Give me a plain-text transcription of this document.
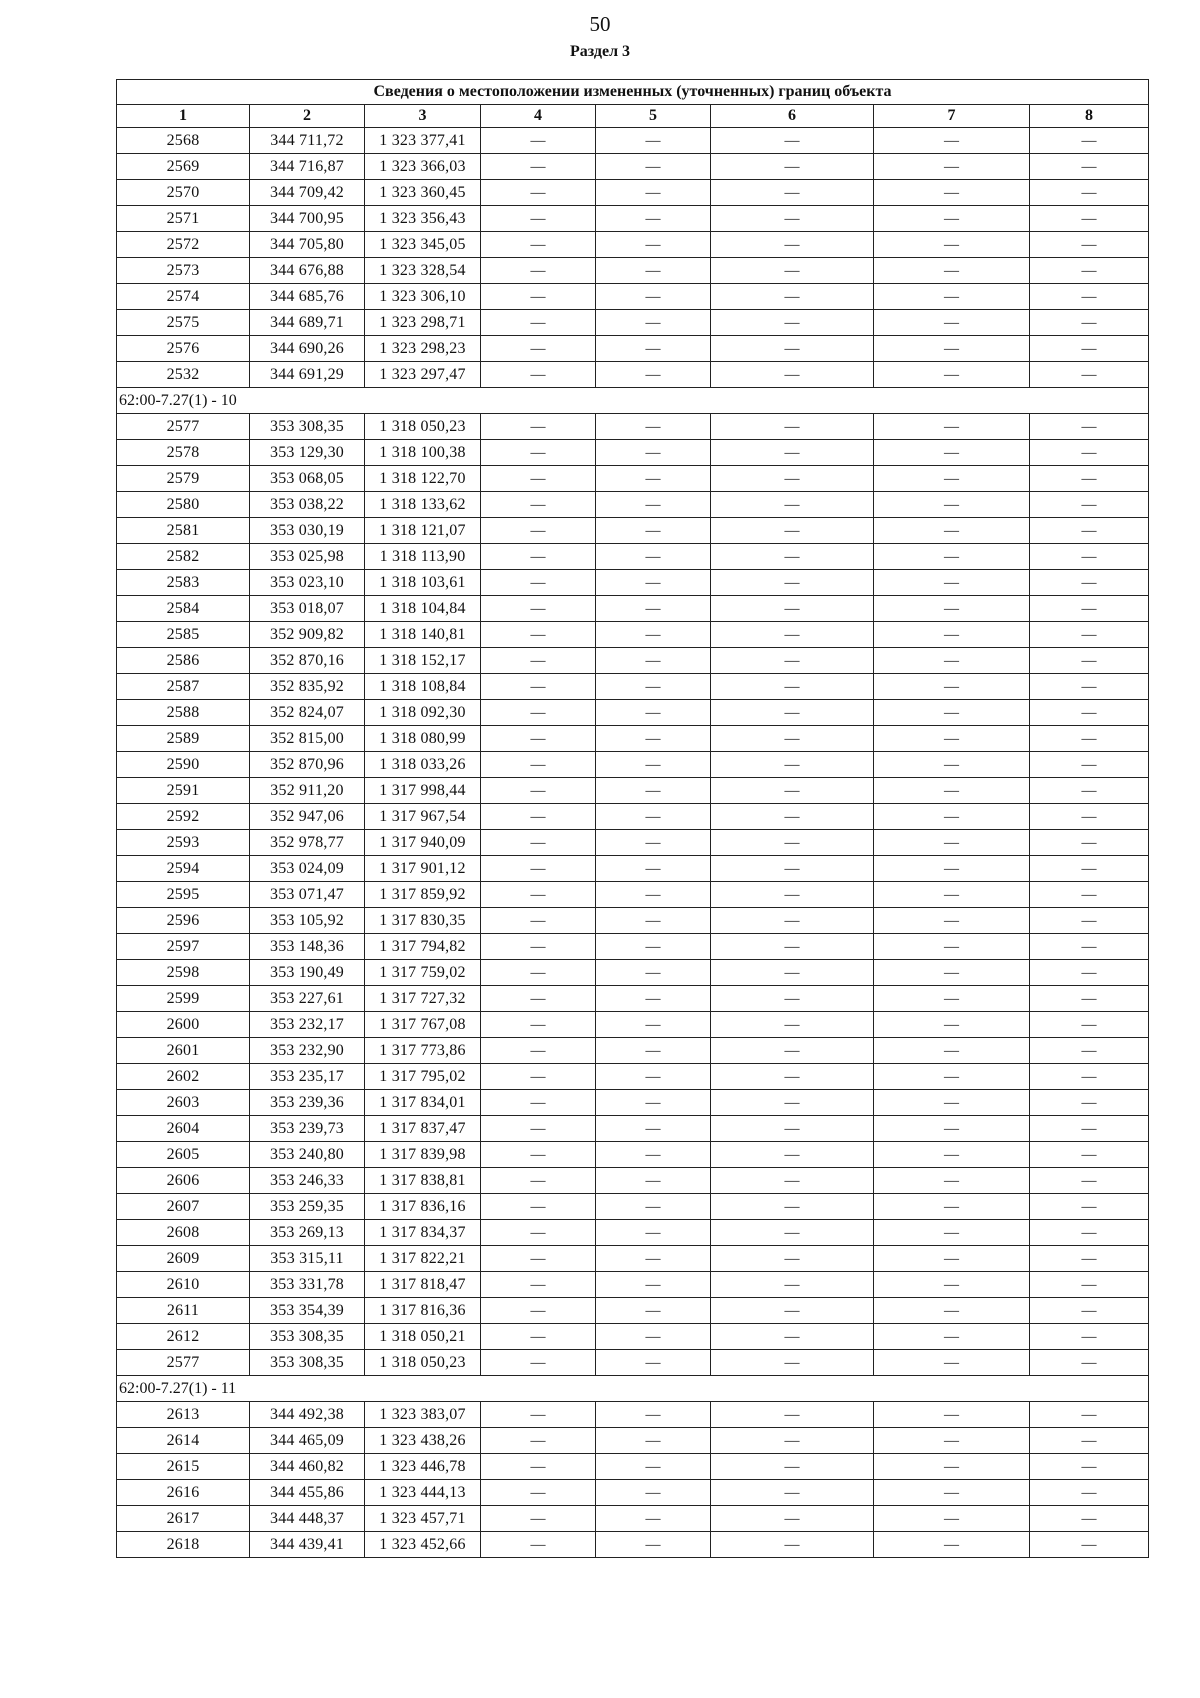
50
Раздел 3
Сведения о местоположении измененных (уточненных) границ объекта							
1	2	3	4	5	6	7	8
2568	344 711,72	1 323 377,41	—	—	—	—	—
2569	344 716,87	1 323 366,03	—	—	—	—	—
2570	344 709,42	1 323 360,45	—	—	—	—	—
2571	344 700,95	1 323 356,43	—	—	—	—	—
2572	344 705,80	1 323 345,05	—	—	—	—	—
2573	344 676,88	1 323 328,54	—	—	—	—	—
2574	344 685,76	1 323 306,10	—	—	—	—	—
2575	344 689,71	1 323 298,71	—	—	—	—	—
2576	344 690,26	1 323 298,23	—	—	—	—	—
2532	344 691,29	1 323 297,47	—	—	—	—	—
62:00-7.27(1) - 10							
2577	353 308,35	1 318 050,23	—	—	—	—	—
2578	353 129,30	1 318 100,38	—	—	—	—	—
2579	353 068,05	1 318 122,70	—	—	—	—	—
2580	353 038,22	1 318 133,62	—	—	—	—	—
2581	353 030,19	1 318 121,07	—	—	—	—	—
2582	353 025,98	1 318 113,90	—	—	—	—	—
2583	353 023,10	1 318 103,61	—	—	—	—	—
2584	353 018,07	1 318 104,84	—	—	—	—	—
2585	352 909,82	1 318 140,81	—	—	—	—	—
2586	352 870,16	1 318 152,17	—	—	—	—	—
2587	352 835,92	1 318 108,84	—	—	—	—	—
2588	352 824,07	1 318 092,30	—	—	—	—	—
2589	352 815,00	1 318 080,99	—	—	—	—	—
2590	352 870,96	1 318 033,26	—	—	—	—	—
2591	352 911,20	1 317 998,44	—	—	—	—	—
2592	352 947,06	1 317 967,54	—	—	—	—	—
2593	352 978,77	1 317 940,09	—	—	—	—	—
2594	353 024,09	1 317 901,12	—	—	—	—	—
2595	353 071,47	1 317 859,92	—	—	—	—	—
2596	353 105,92	1 317 830,35	—	—	—	—	—
2597	353 148,36	1 317 794,82	—	—	—	—	—
2598	353 190,49	1 317 759,02	—	—	—	—	—
2599	353 227,61	1 317 727,32	—	—	—	—	—
2600	353 232,17	1 317 767,08	—	—	—	—	—
2601	353 232,90	1 317 773,86	—	—	—	—	—
2602	353 235,17	1 317 795,02	—	—	—	—	—
2603	353 239,36	1 317 834,01	—	—	—	—	—
2604	353 239,73	1 317 837,47	—	—	—	—	—
2605	353 240,80	1 317 839,98	—	—	—	—	—
2606	353 246,33	1 317 838,81	—	—	—	—	—
2607	353 259,35	1 317 836,16	—	—	—	—	—
2608	353 269,13	1 317 834,37	—	—	—	—	—
2609	353 315,11	1 317 822,21	—	—	—	—	—
2610	353 331,78	1 317 818,47	—	—	—	—	—
2611	353 354,39	1 317 816,36	—	—	—	—	—
2612	353 308,35	1 318 050,21	—	—	—	—	—
2577	353 308,35	1 318 050,23	—	—	—	—	—
62:00-7.27(1) - 11							
2613	344 492,38	1 323 383,07	—	—	—	—	—
2614	344 465,09	1 323 438,26	—	—	—	—	—
2615	344 460,82	1 323 446,78	—	—	—	—	—
2616	344 455,86	1 323 444,13	—	—	—	—	—
2617	344 448,37	1 323 457,71	—	—	—	—	—
2618	344 439,41	1 323 452,66	—	—	—	—	—
